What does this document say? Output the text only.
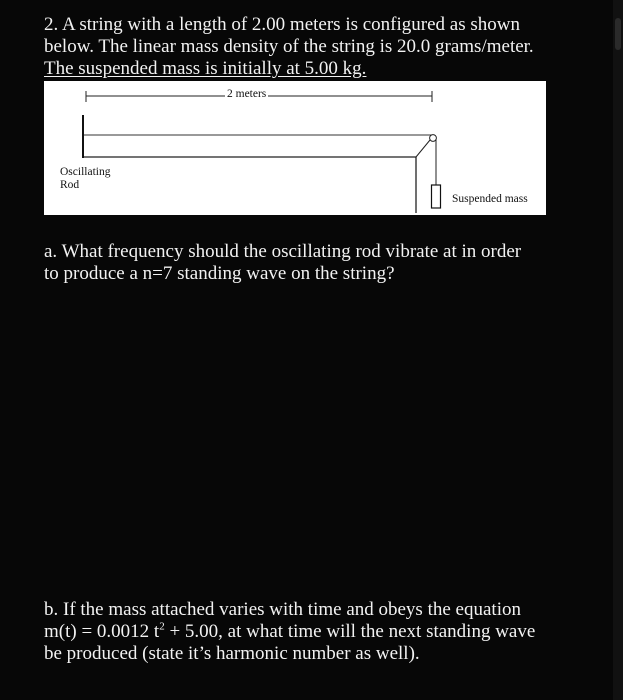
2. A string with a length of 2.00 meters is configured as shown
below. The linear mass density of the string is 20.0 grams/meter.
The suspended mass is initially at 5.00 kg.
2 meters
Oscillating
Rod
Suspended mass
a. What frequency should the oscillating rod vibrate at in order
to produce a n=7 standing wave on the string?
b. If the mass attached varies with time and obeys the equation
m(t) = 0.0012 $t^2 + 5.00$, at what time will the next standing wave
be produced (state it’s harmonic number as well).
